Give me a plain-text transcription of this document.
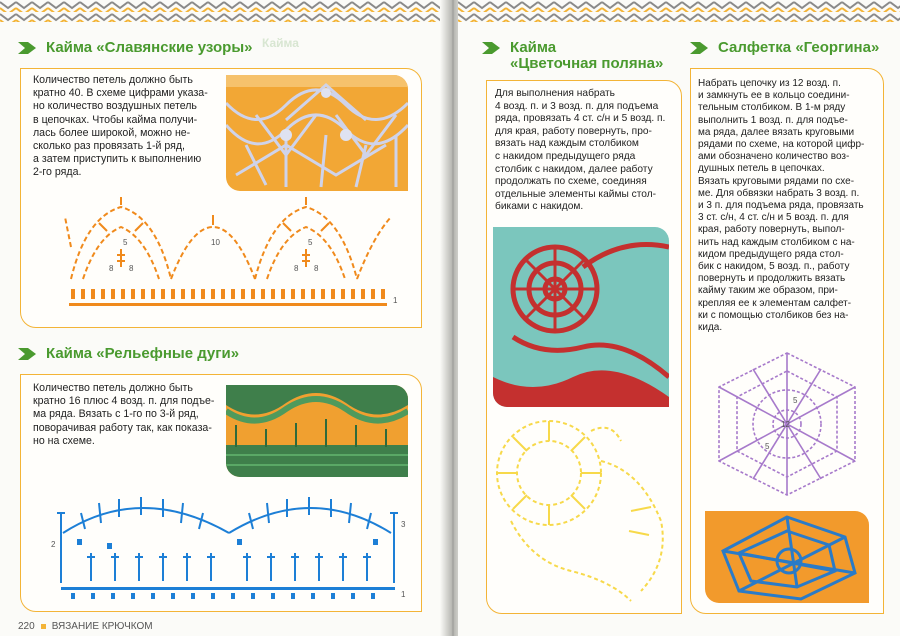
Кайма
Кайма «Славянские узоры»
Количество петель должно быть
кратно 40. В схеме цифрами указа-
но количество воздушных петель
в цепочках. Чтобы кайма получи-
лась более широкой, можно не-
сколько раз провязать 1-й ряд,
а затем приступить к выполнению
2-го ряда.
5
8 8
10	5
8 8
1
Кайма «Рельефные дуги»
Количество петель должно быть
кратно 16 плюс 4 возд. п. для подъе-
ма ряда. Вязать с 1-го по 3-й ряд,
поворачивая работу так, как показа-
но на схеме.
2
3
1
220 ВЯЗАНИЕ КРЮЧКОМ
Кайма
«Цветочная поляна»
Для выполнения набрать
4 возд. п. и 3 возд. п. для подъема
ряда, провязать 4 ст. с/н и 5 возд. п.
для края, работу повернуть, про-
вязать над каждым столбиком
с накидом предыдущего ряда
столбик с накидом, далее работу
продолжать по схеме, соединяя
отдельные элементы каймы стол-
биками с накидом.
Салфетка «Георгина»
Набрать цепочку из 12 возд. п.
и замкнуть ее в кольцо соедини-
тельным столбиком. В 1-м ряду
выполнить 1 возд. п. для подъе-
ма ряда, далее вязать круговыми
рядами по схеме, на которой цифр-
ами обозначено количество воз-
душных петель в цепочках.
Вязать круговыми рядами по схе-
ме. Для обвязки набрать 3 возд. п.
и 3 п. для подъема ряда, провязать
3 ст. с/н, 4 ст. с/н и 5 возд. п. для
края, работу повернуть, выпол-
нить над каждым столбиком с на-
кидом предыдущего ряда стол-
бик с накидом, 5 возд. п., работу
повернуть и продолжить вязать
кайму таким же образом, при-
крепляя ее к элементам салфет-
ки с помощью столбиков без на-
кида.
12
5
5
